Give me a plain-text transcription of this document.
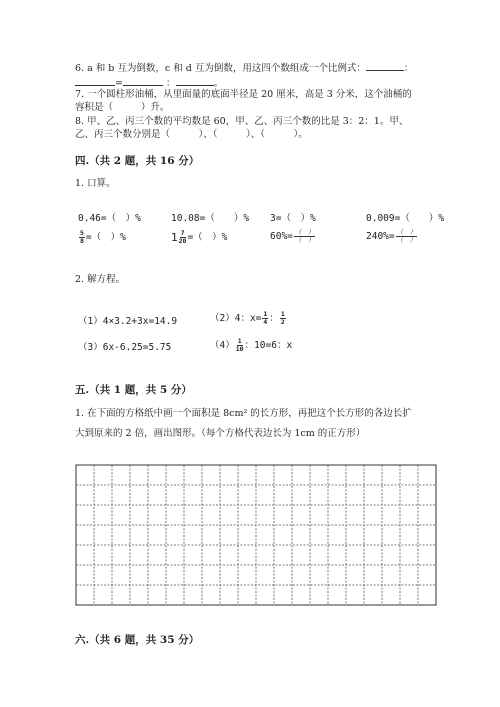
6. a 和 b 互为倒数，c 和 d 互为倒数，用这四个数组成一个比例式：	：
=	：	。
7. 一个圆柱形油桶，从里面量的底面半径是 20 厘米，高是 3 分米，这个油桶的
容积是（	）升。
8. 甲、乙、丙三个数的平均数是 60，甲、乙、丙三个数的比是 3：2：1。甲、
乙、丙三个数分别是（　　　）、（　　　）、（　　　）。
四.（共 2 题，共 16 分）
1. 口算。
0.46=（　）%	10.08=（　　）% 3=（　）%	0.009=（　　）%
$\frac{5}{8}$ =（　）%	$1 \frac{7}{20}$ =（　）%	$60\%= \frac{( )}{( )}$	$240\%= \frac{( )}{( )}$
2. 解方程。
（1）4×3.2+3x=14.9	（2）4：$x= \frac{1}{4}$ ： $\frac{1}{2}$
（3）6x-6.25=5.75	$(4) \frac{1}{10}$ ：10=6：x
五.（共 1 题，共 5 分）
1. 在下面的方格纸中画一个面积是 8cm² 的长方形，再把这个长方形的各边长扩
大到原来的 2 倍，画出图形。（每个方格代表边长为 1cm 的正方形）
六.（共 6 题，共 35 分）
